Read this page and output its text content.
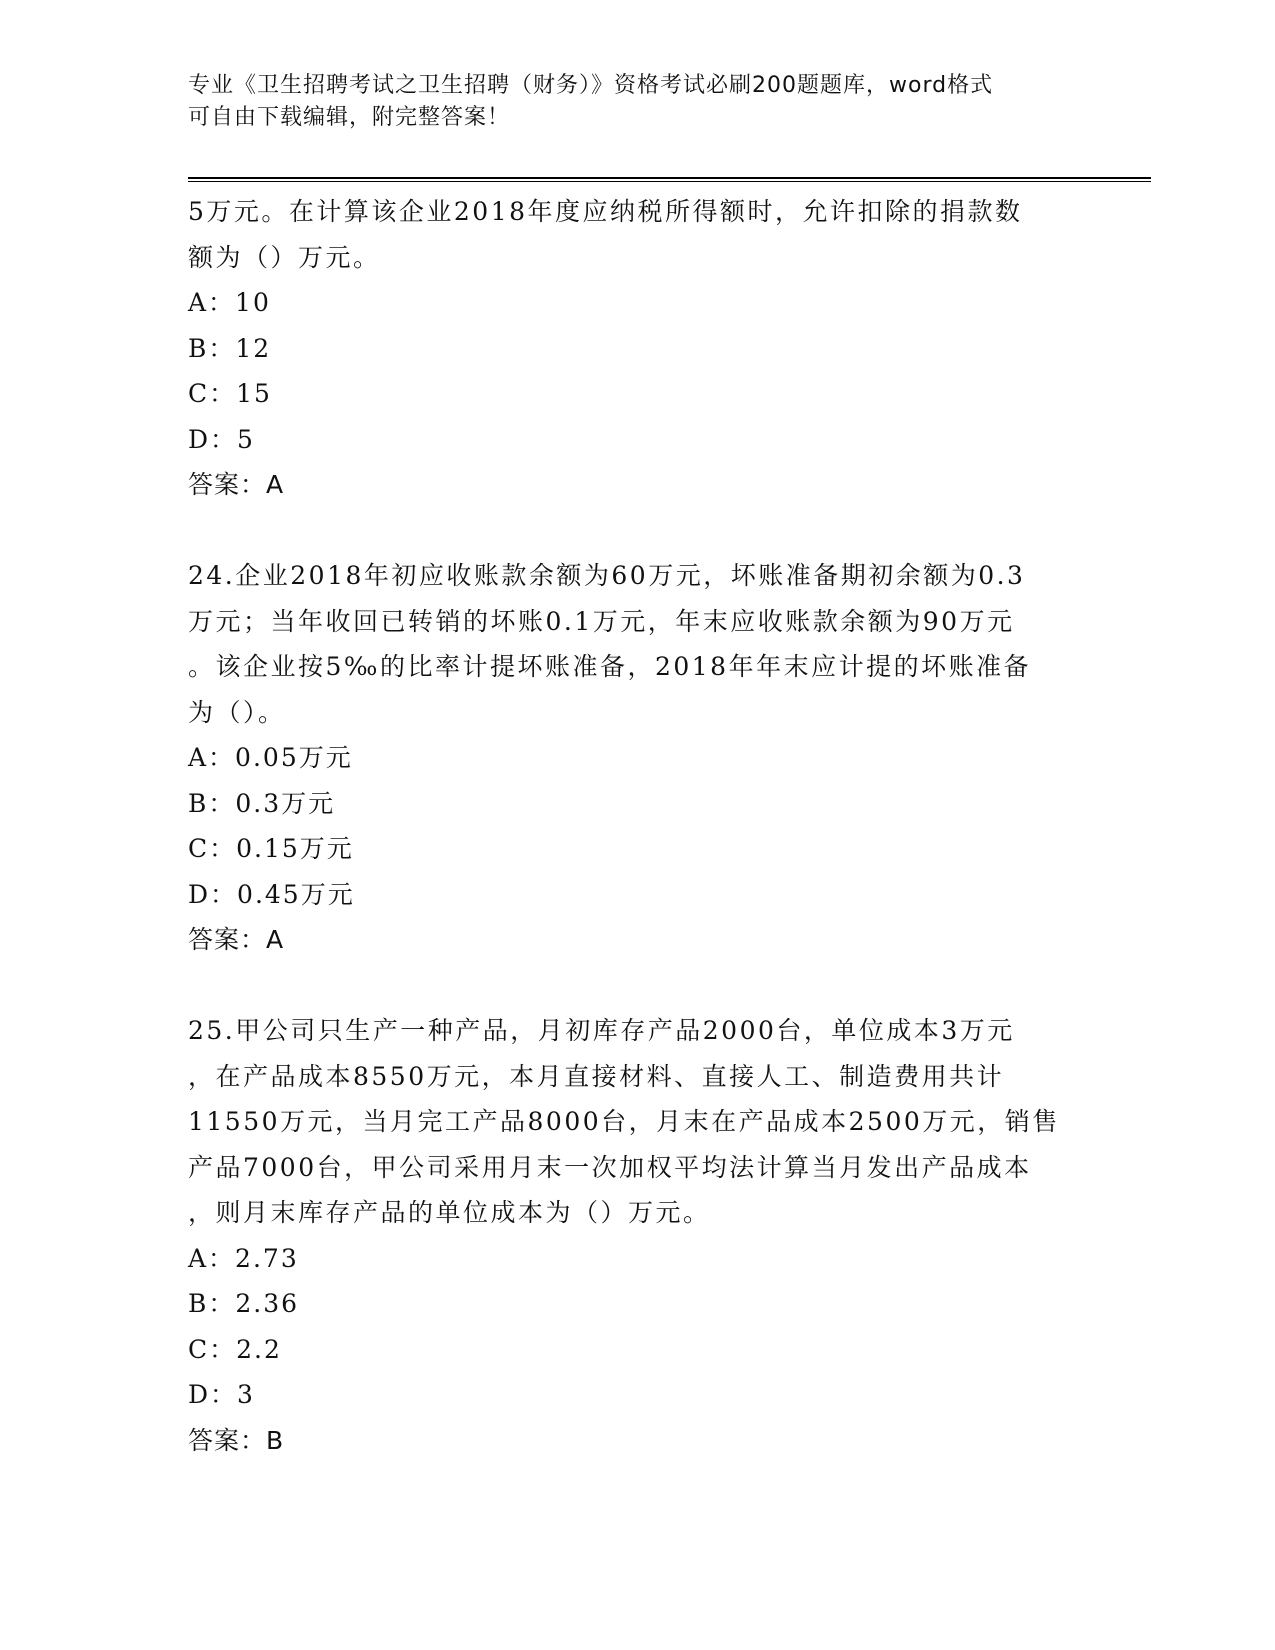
专业《卫生招聘考试之卫生招聘（财务）》资格考试必刷200题题库，word格式
可自由下载编辑，附完整答案！
5万元。在计算该企业2018年度应纳税所得额时，允许扣除的捐款数
额为（）万元。
A：10
B：12
C：15
D：5
答案：A
24.企业2018年初应收账款余额为60万元，坏账准备期初余额为0.3
万元；当年收回已转销的坏账0.1万元，年末应收账款余额为90万元
。该企业按5‰的比率计提坏账准备，2018年年末应计提的坏账准备
为（）。
A：0.05万元
B：0.3万元
C：0.15万元
D：0.45万元
答案：A
25.甲公司只生产一种产品，月初库存产品2000台，单位成本3万元
，在产品成本8550万元，本月直接材料、直接人工、制造费用共计
11550万元，当月完工产品8000台，月末在产品成本2500万元，销售
产品7000台，甲公司采用月末一次加权平均法计算当月发出产品成本
，则月末库存产品的单位成本为（）万元。
A：2.73
B：2.36
C：2.2
D：3
答案：B
